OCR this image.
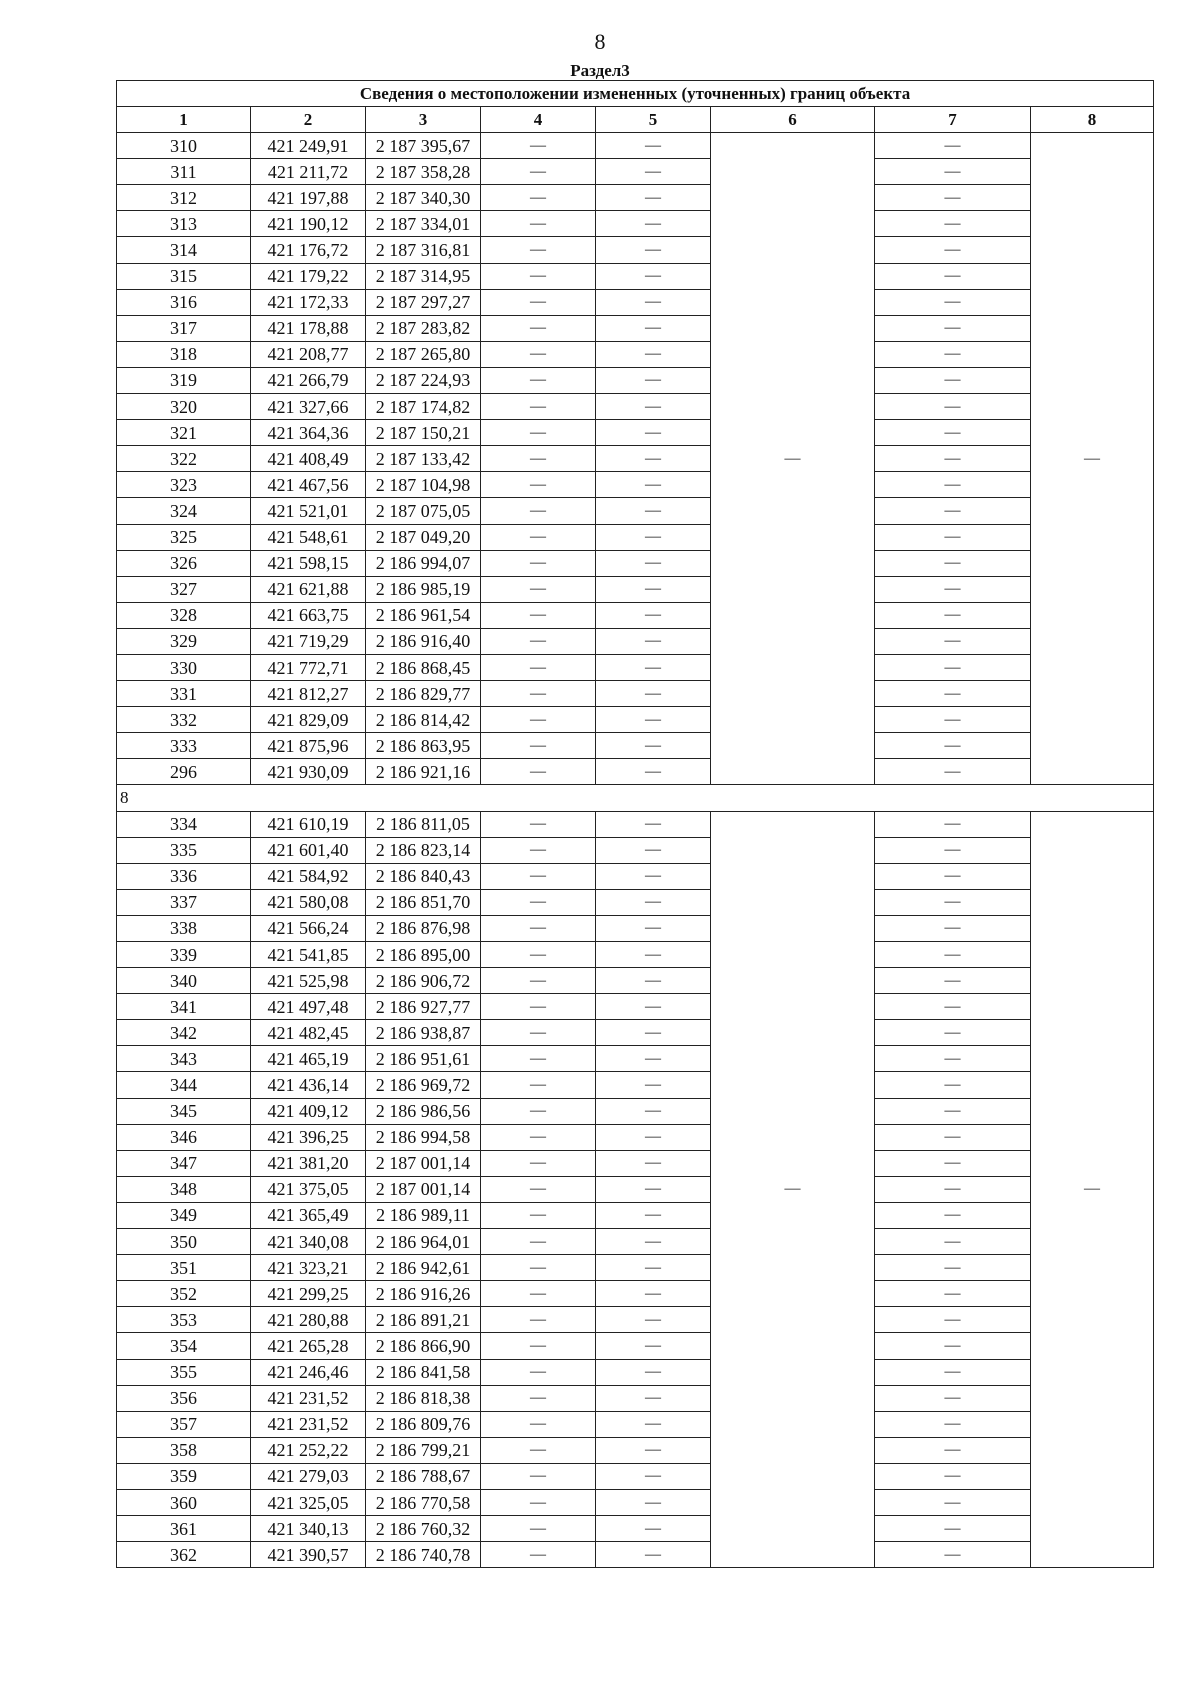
8
Раздел3
Сведения о местоположении измененных (уточненных) границ объекта							
1	2	3	4	5	6	7	8
310	421 249,91	2 187 395,67	—	—	—	—	—
311	421 211,72	2 187 358,28	—	—		—	
312	421 197,88	2 187 340,30	—	—		—	
313	421 190,12	2 187 334,01	—	—		—	
314	421 176,72	2 187 316,81	—	—		—	
315	421 179,22	2 187 314,95	—	—		—	
316	421 172,33	2 187 297,27	—	—		—	
317	421 178,88	2 187 283,82	—	—		—	
318	421 208,77	2 187 265,80	—	—		—	
319	421 266,79	2 187 224,93	—	—		—	
320	421 327,66	2 187 174,82	—	—		—	
321	421 364,36	2 187 150,21	—	—		—	
322	421 408,49	2 187 133,42	—	—		—	
323	421 467,56	2 187 104,98	—	—		—	
324	421 521,01	2 187 075,05	—	—		—	
325	421 548,61	2 187 049,20	—	—		—	
326	421 598,15	2 186 994,07	—	—		—	
327	421 621,88	2 186 985,19	—	—		—	
328	421 663,75	2 186 961,54	—	—		—	
329	421 719,29	2 186 916,40	—	—		—	
330	421 772,71	2 186 868,45	—	—		—	
331	421 812,27	2 186 829,77	—	—		—	
332	421 829,09	2 186 814,42	—	—		—	
333	421 875,96	2 186 863,95	—	—		—	
296	421 930,09	2 186 921,16	—	—		—	
8							
334	421 610,19	2 186 811,05	—	—	—	—	—
335	421 601,40	2 186 823,14	—	—		—	
336	421 584,92	2 186 840,43	—	—		—	
337	421 580,08	2 186 851,70	—	—		—	
338	421 566,24	2 186 876,98	—	—		—	
339	421 541,85	2 186 895,00	—	—		—	
340	421 525,98	2 186 906,72	—	—		—	
341	421 497,48	2 186 927,77	—	—		—	
342	421 482,45	2 186 938,87	—	—		—	
343	421 465,19	2 186 951,61	—	—		—	
344	421 436,14	2 186 969,72	—	—		—	
345	421 409,12	2 186 986,56	—	—		—	
346	421 396,25	2 186 994,58	—	—		—	
347	421 381,20	2 187 001,14	—	—		—	
348	421 375,05	2 187 001,14	—	—		—	
349	421 365,49	2 186 989,11	—	—		—	
350	421 340,08	2 186 964,01	—	—		—	
351	421 323,21	2 186 942,61	—	—		—	
352	421 299,25	2 186 916,26	—	—		—	
353	421 280,88	2 186 891,21	—	—		—	
354	421 265,28	2 186 866,90	—	—		—	
355	421 246,46	2 186 841,58	—	—		—	
356	421 231,52	2 186 818,38	—	—		—	
357	421 231,52	2 186 809,76	—	—		—	
358	421 252,22	2 186 799,21	—	—		—	
359	421 279,03	2 186 788,67	—	—		—	
360	421 325,05	2 186 770,58	—	—		—	
361	421 340,13	2 186 760,32	—	—		—	
362	421 390,57	2 186 740,78	—	—		—	
